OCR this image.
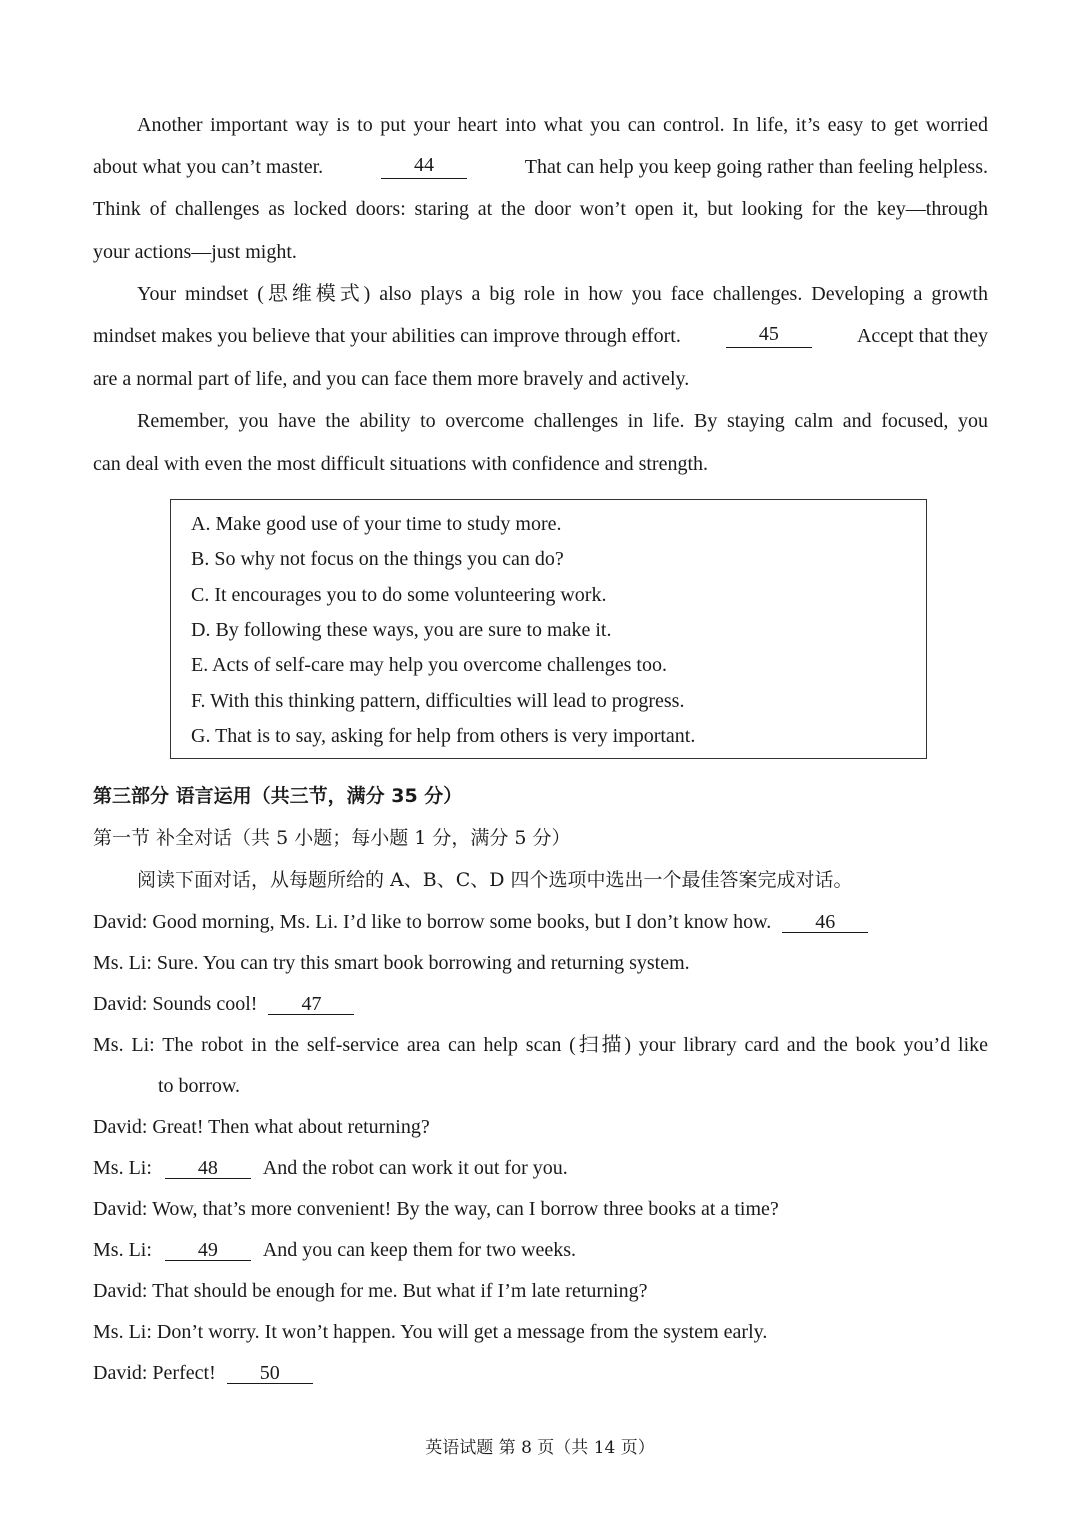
Another important way is to put your heart into what you can control. In life, it’s easy to get worried
about what you can’t master.	44	That can help you keep going rather than feeling helpless.
Think of challenges as locked doors: staring at the door won’t open it, but looking for the key—through
your actions—just might.
Your mindset (思维模式) also plays a big role in how you face challenges. Developing a growth
mindset makes you believe that your abilities can improve through effort.	45	Accept that they
are a normal part of life, and you can face them more bravely and actively.
Remember, you have the ability to overcome challenges in life. By staying calm and focused, you
can deal with even the most difficult situations with confidence and strength.
A. Make good use of your time to study more.
B. So why not focus on the things you can do?
C. It encourages you to do some volunteering work.
D. By following these ways, you are sure to make it.
E. Acts of self-care may help you overcome challenges too.
F. With this thinking pattern, difficulties will lead to progress.
G. That is to say, asking for help from others is very important.
第三部分 语言运用（共三节，满分 35 分）
第一节 补全对话（共 5 小题；每小题 1 分，满分 5 分）
阅读下面对话，从每题所给的 A、B、C、D 四个选项中选出一个最佳答案完成对话。
David: Good morning, Ms. Li. I’d like to borrow some books, but I don’t know how. 46
Ms. Li: Sure. You can try this smart book borrowing and returning system.
David: Sounds cool! 47
Ms. Li: The robot in the self-service area can help scan (扫描) your library card and the book you’d like
to borrow.
David: Great! Then what about returning?
Ms. Li: 48 And the robot can work it out for you.
David: Wow, that’s more convenient! By the way, can I borrow three books at a time?
Ms. Li: 49 And you can keep them for two weeks.
David: That should be enough for me. But what if I’m late returning?
Ms. Li: Don’t worry. It won’t happen. You will get a message from the system early.
David: Perfect! 50
英语试题 第 8 页（共 14 页）
